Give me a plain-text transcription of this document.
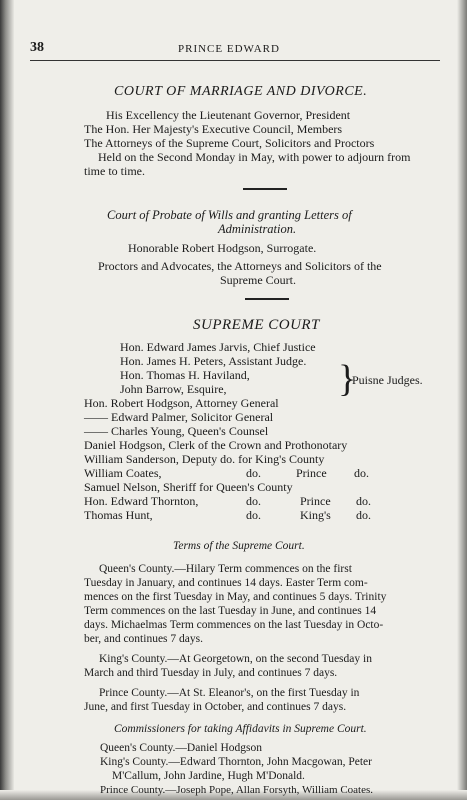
38	PRINCE EDWARD
COURT OF MARRIAGE AND DIVORCE.
His Excellency the Lieutenant Governor, President
The Hon. Her Majesty's Executive Council, Members
The Attorneys of the Supreme Court, Solicitors and Proctors
Held on the Second Monday in May, with power to adjourn from
time to time.
Court of Probate of Wills and granting Letters of
Administration.
Honorable Robert Hodgson, Surrogate.
Proctors and Advocates, the Attorneys and Solicitors of the
Supreme Court.
SUPREME COURT
Hon. Edward James Jarvis, Chief Justice
Hon. James H. Peters, Assistant Judge.
Hon. Thomas H. Haviland,
John Barrow, Esquire,	}
Puisne Judges.
Hon. Robert Hodgson, Attorney General
—— Edward Palmer, Solicitor General
—— Charles Young, Queen's Counsel
Daniel Hodgson, Clerk of the Crown and Prothonotary
William Sanderson, Deputy do. for King's County
William Coates,	do.	Prince do.
Samuel Nelson, Sheriff for Queen's County
Hon. Edward Thornton,	do.	Prince do.
Thomas Hunt,	do.	King's do.
Terms of the Supreme Court.
Queen's County.—Hilary Term commences on the first
Tuesday in January, and continues 14 days. Easter Term com-
mences on the first Tuesday in May, and continues 5 days. Trinity
Term commences on the last Tuesday in June, and continues 14
days. Michaelmas Term commences on the last Tuesday in Octo-
ber, and continues 7 days.
King's County.—At Georgetown, on the second Tuesday in
March and third Tuesday in July, and continues 7 days.
Prince County.—At St. Eleanor's, on the first Tuesday in
June, and first Tuesday in October, and continues 7 days.
Commissioners for taking Affidavits in Supreme Court.
Queen's County.—Daniel Hodgson
King's County.—Edward Thornton, John Macgowan, Peter
M'Callum, John Jardine, Hugh M'Donald.
Prince County.—Joseph Pope, Allan Forsyth, William Coates.
